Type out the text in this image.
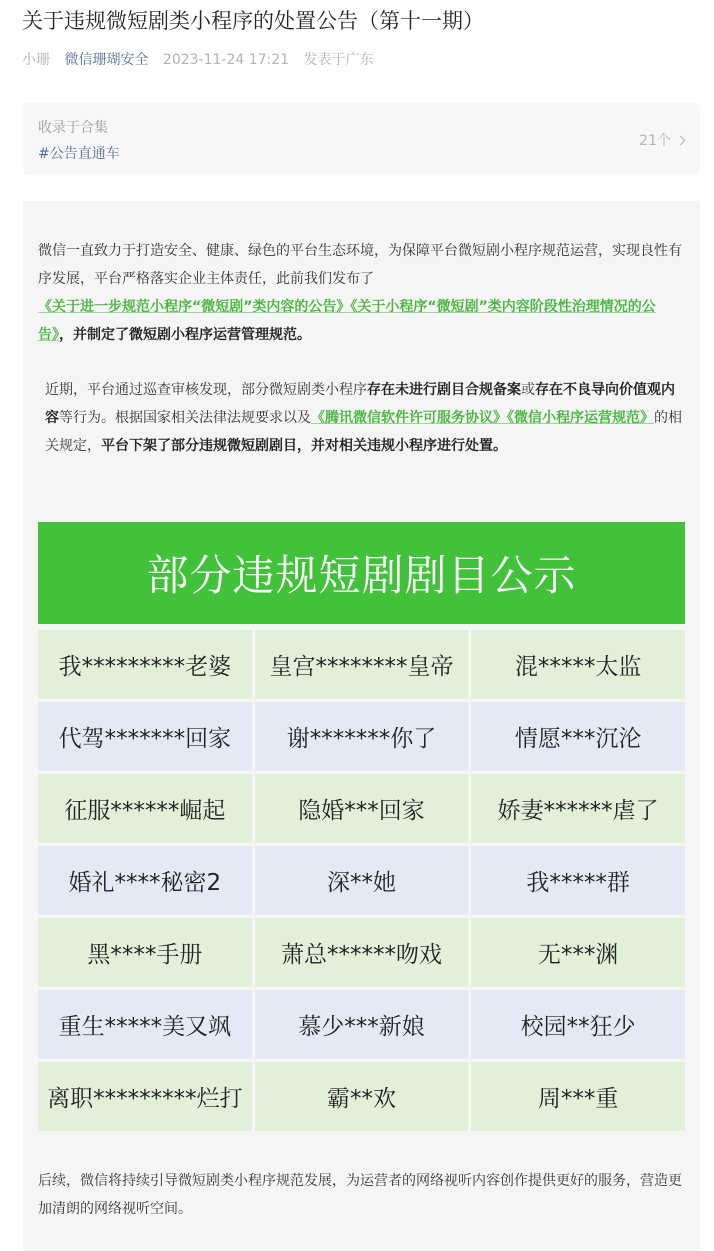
关于违规微短剧类小程序的处置公告（第十一期）
小珊 微信珊瑚安全 2023-11-24 17:21 发表于广东
收录于合集
#公告直通车
21个
微信一直致力于打造安全、健康、绿色的平台生态环境，为保障平台微短剧小程序规范运营，实现良性有序发展，平台严格落实企业主体责任，此前我们发布了《关于进一步规范小程序“微短剧”类内容的公告》《关于小程序“微短剧”类内容阶段性治理情况的公告》，并制定了微短剧小程序运营管理规范。
近期，平台通过巡查审核发现，部分微短剧类小程序存在未进行剧目合规备案或存在不良导向价值观内容等行为。根据国家相关法律法规要求以及《腾讯微信软件许可服务协议》《微信小程序运营规范》的相关规定，平台下架了部分违规微短剧剧目，并对相关违规小程序进行处置。
部分违规短剧剧目公示
我*********老婆	皇宫********皇帝	混*****太监
代驾*******回家	谢*******你了	情愿***沉沦
征服******崛起	隐婚***回家	娇妻******虐了
婚礼****秘密2	深**她	我*****群
黑****手册	萧总******吻戏	无***渊
重生*****美又飒	慕少***新娘	校园**狂少
离职*********烂打	霸**欢	周***重
后续，微信将持续引导微短剧类小程序规范发展，为运营者的网络视听内容创作提供更好的服务，营造更加清朗的网络视听空间。
